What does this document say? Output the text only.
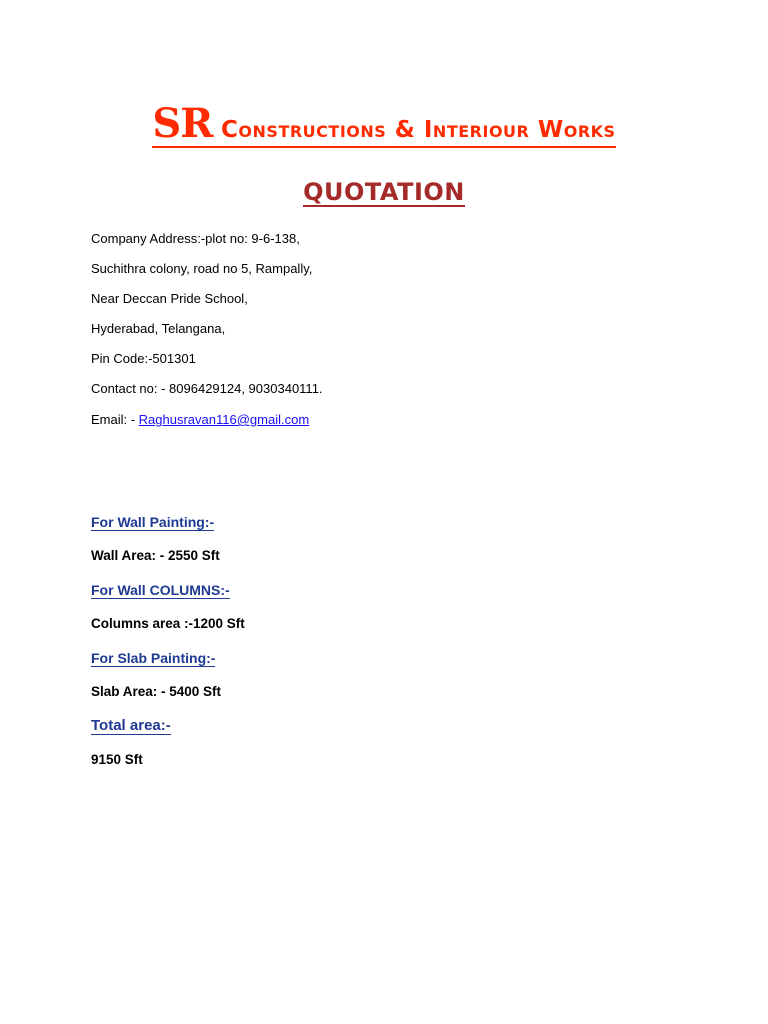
SR Constructions & Interiour Works
QUOTATION
Company Address:-plot no: 9-6-138,
Suchithra colony, road no 5, Rampally,
Near Deccan Pride School,
Hyderabad, Telangana,
Pin Code:-501301
Contact no: - 8096429124, 9030340111.
Email: - Raghusravan116@gmail.com
For Wall Painting:-
Wall Area: - 2550 Sft
For Wall COLUMNS:-
Columns area :-1200 Sft
For Slab Painting:-
Slab Area: - 5400 Sft
Total area:-
9150 Sft
